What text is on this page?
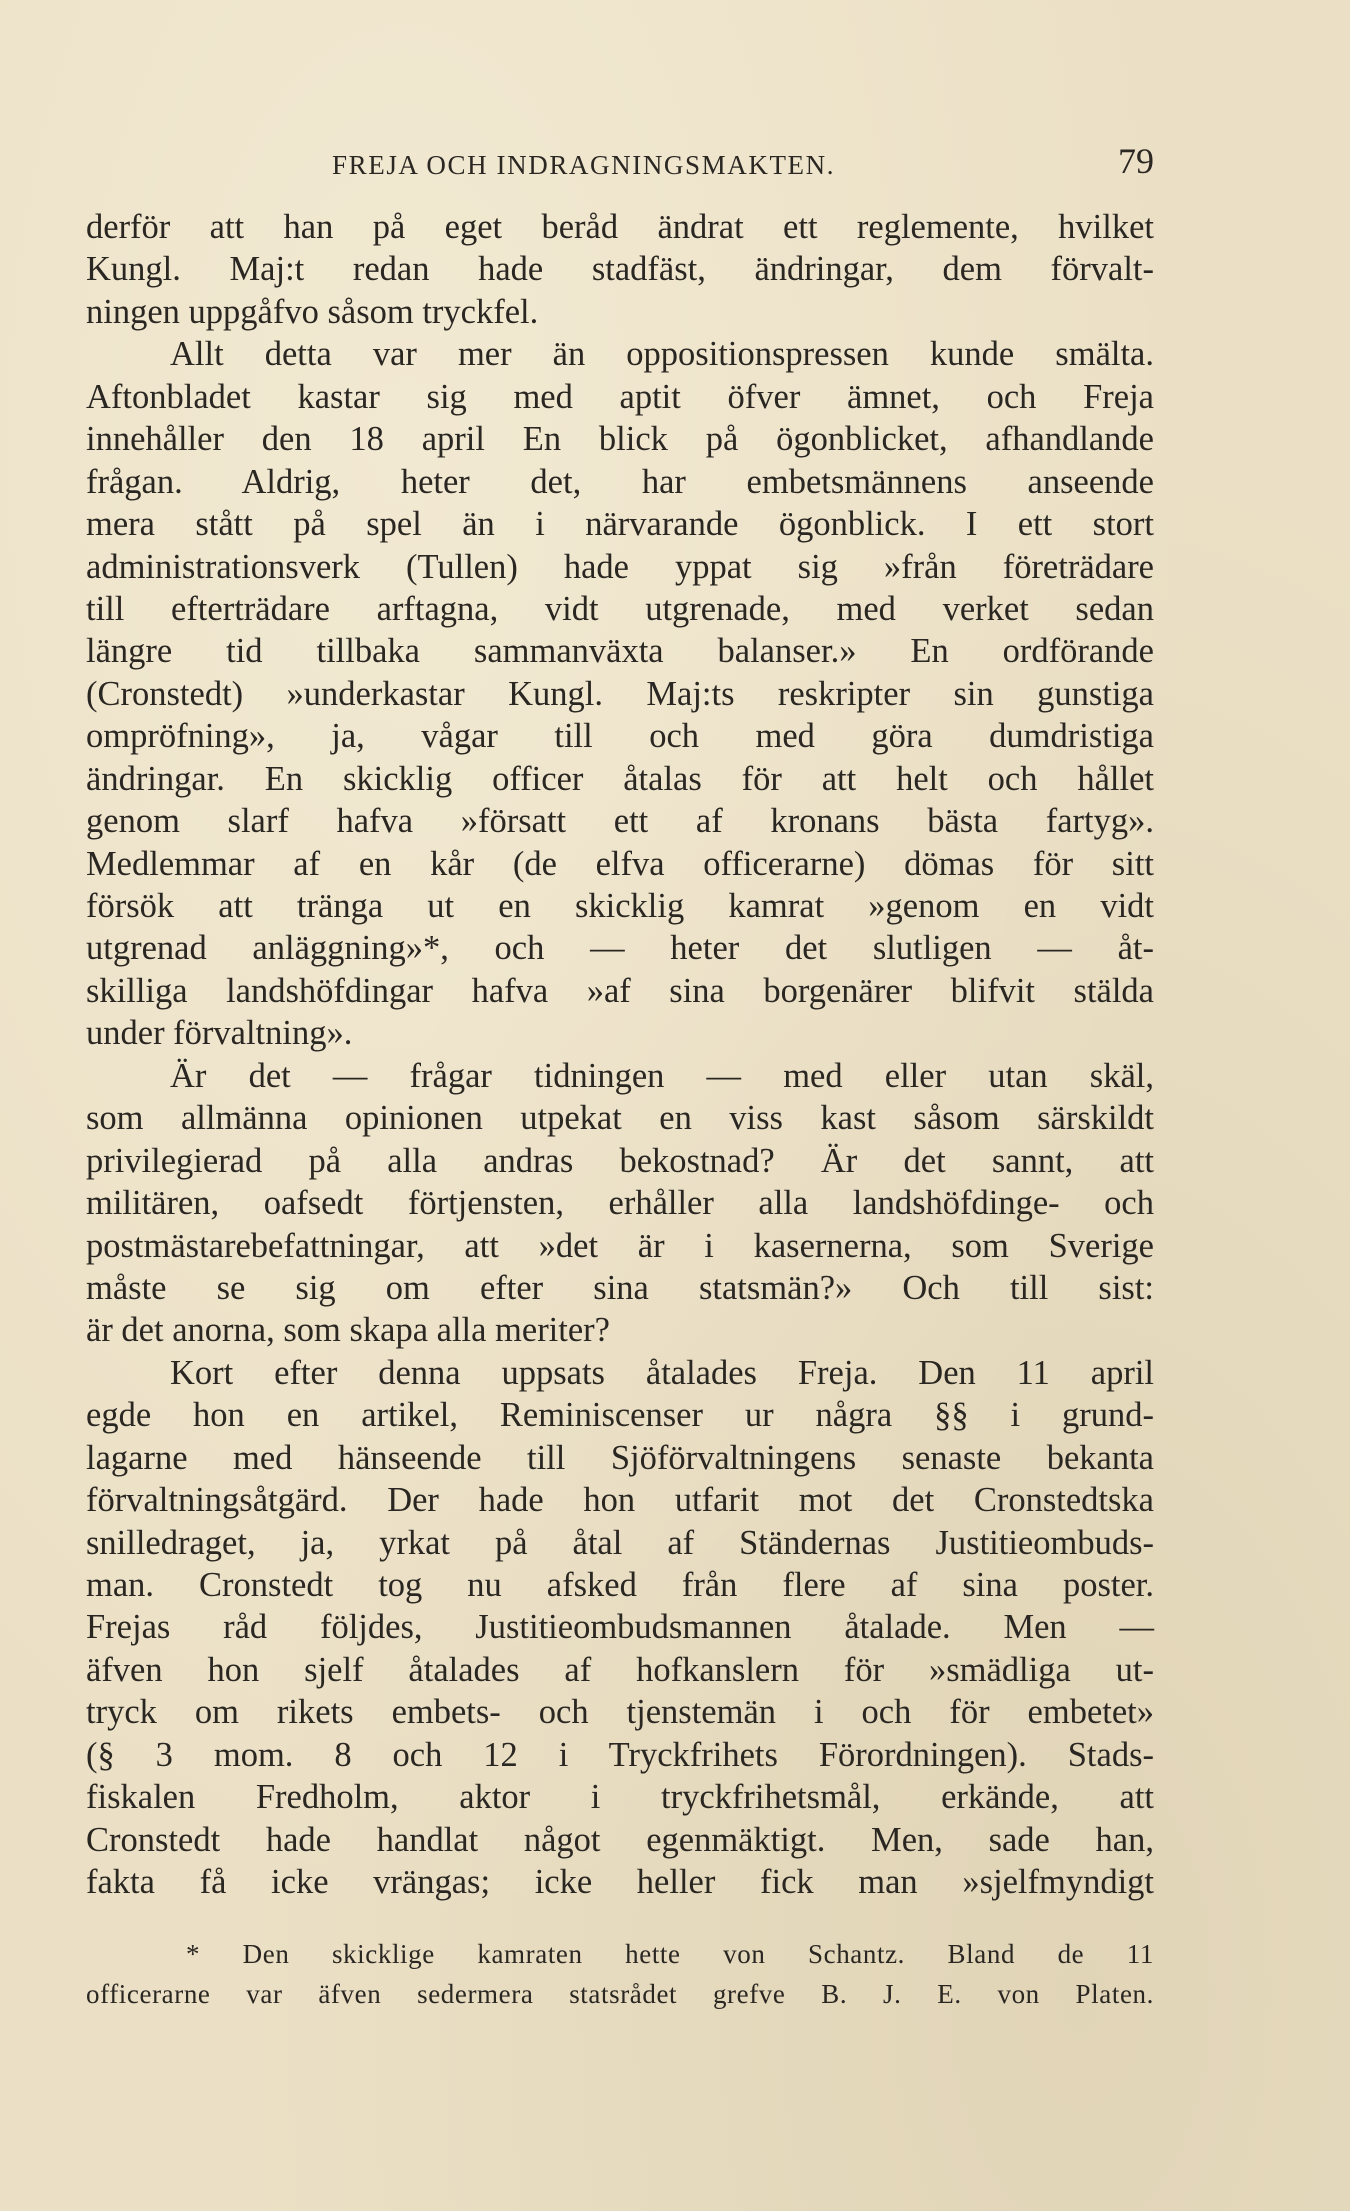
FREJA OCH INDRAGNINGSMAKTEN.	79
derför att han på eget beråd ändrat ett reglemente, hvilket
Kungl. Maj:t redan hade stadfäst, ändringar, dem förvalt-
ningen uppgåfvo såsom tryckfel.
Allt detta var mer än oppositionspressen kunde smälta.
Aftonbladet kastar sig med aptit öfver ämnet, och Freja
innehåller den 18 april En blick på ögonblicket, afhandlande
frågan. Aldrig, heter det, har embetsmännens anseende
mera stått på spel än i närvarande ögonblick. I ett stort
administrationsverk (Tullen) hade yppat sig »från företrädare
till efterträdare arftagna, vidt utgrenade, med verket sedan
längre tid tillbaka sammanväxta balanser.» En ordförande
(Cronstedt) »underkastar Kungl. Maj:ts reskripter sin gunstiga
ompröfning», ja, vågar till och med göra dumdristiga
ändringar. En skicklig officer åtalas för att helt och hållet
genom slarf hafva »försatt ett af kronans bästa fartyg».
Medlemmar af en kår (de elfva officerarne) dömas för sitt
försök att tränga ut en skicklig kamrat »genom en vidt
utgrenad anläggning»*, och — heter det slutligen — åt-
skilliga landshöfdingar hafva »af sina borgenärer blifvit stälda
under förvaltning».
Är det — frågar tidningen — med eller utan skäl,
som allmänna opinionen utpekat en viss kast såsom särskildt
privilegierad på alla andras bekostnad? Är det sannt, att
militären, oafsedt förtjensten, erhåller alla landshöfdinge- och
postmästarebefattningar, att »det är i kasernerna, som Sverige
måste se sig om efter sina statsmän?» Och till sist:
är det anorna, som skapa alla meriter?
Kort efter denna uppsats åtalades Freja. Den 11 april
egde hon en artikel, Reminiscenser ur några §§ i grund-
lagarne med hänseende till Sjöförvaltningens senaste bekanta
förvaltningsåtgärd. Der hade hon utfarit mot det Cronstedtska
snilledraget, ja, yrkat på åtal af Ständernas Justitieombuds-
man. Cronstedt tog nu afsked från flere af sina poster.
Frejas råd följdes, Justitieombudsmannen åtalade. Men —
äfven hon sjelf åtalades af hofkanslern för »smädliga ut-
tryck om rikets embets- och tjenstemän i och för embetet»
(§ 3 mom. 8 och 12 i Tryckfrihets Förordningen). Stads-
fiskalen Fredholm, aktor i tryckfrihetsmål, erkände, att
Cronstedt hade handlat något egenmäktigt. Men, sade han,
fakta få icke vrängas; icke heller fick man »sjelfmyndigt
* Den skicklige kamraten hette von Schantz. Bland de 11
officerarne var äfven sedermera statsrådet grefve B. J. E. von Platen.
